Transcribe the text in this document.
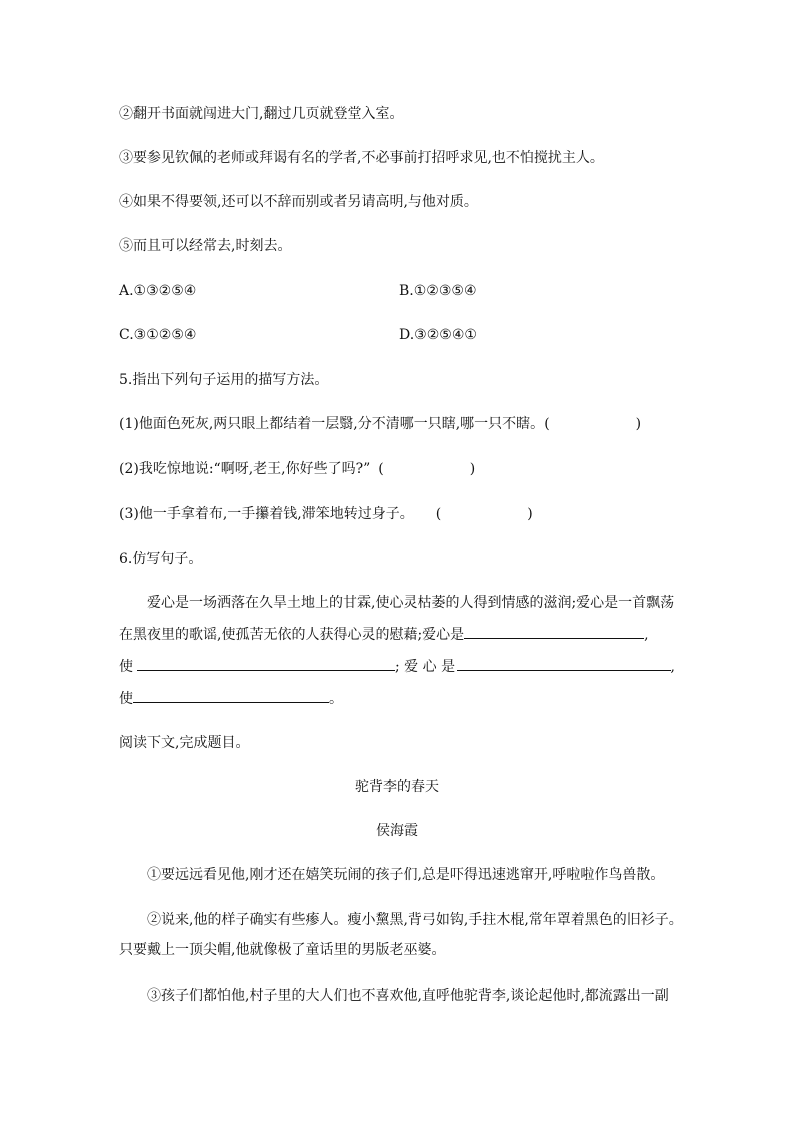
②翻开书面就闯进大门,翻过几页就登堂入室。
③要参见钦佩的老师或拜谒有名的学者,不必事前打招呼求见,也不怕搅扰主人。
④如果不得要领,还可以不辞而别或者另请高明,与他对质。
⑤而且可以经常去,时刻去。
A.①③②⑤④	B.①②③⑤④
C.③①②⑤④	D.③②⑤④①
5.指出下列句子运用的描写方法。
(1)他面色死灰,两只眼上都结着一层翳,分不清哪一只瞎,哪一只不瞎。(	)
(2)我吃惊地说:“啊呀,老王,你好些了吗?” (	)
(3)他一手拿着布,一手攥着钱,滞笨地转过身子。 (	)
6.仿写句子。
爱心是一场洒落在久旱土地上的甘霖,使心灵枯萎的人得到情感的滋润;爱心是一首飘荡
在黑夜里的歌谣,使孤苦无依的人获得心灵的慰藉;爱心是	,
使	; 爱 心 是	,
使	。
阅读下文,完成题目。
驼背李的春天
侯海霞
①要远远看见他,刚才还在嬉笑玩闹的孩子们,总是吓得迅速逃窜开,呼啦啦作鸟兽散。
②说来,他的样子确实有些瘆人。瘦小黧黑,背弓如钩,手拄木棍,常年罩着黑色的旧衫子。
只要戴上一顶尖帽,他就像极了童话里的男版老巫婆。
③孩子们都怕他,村子里的大人们也不喜欢他,直呼他驼背李,谈论起他时,都流露出一副
